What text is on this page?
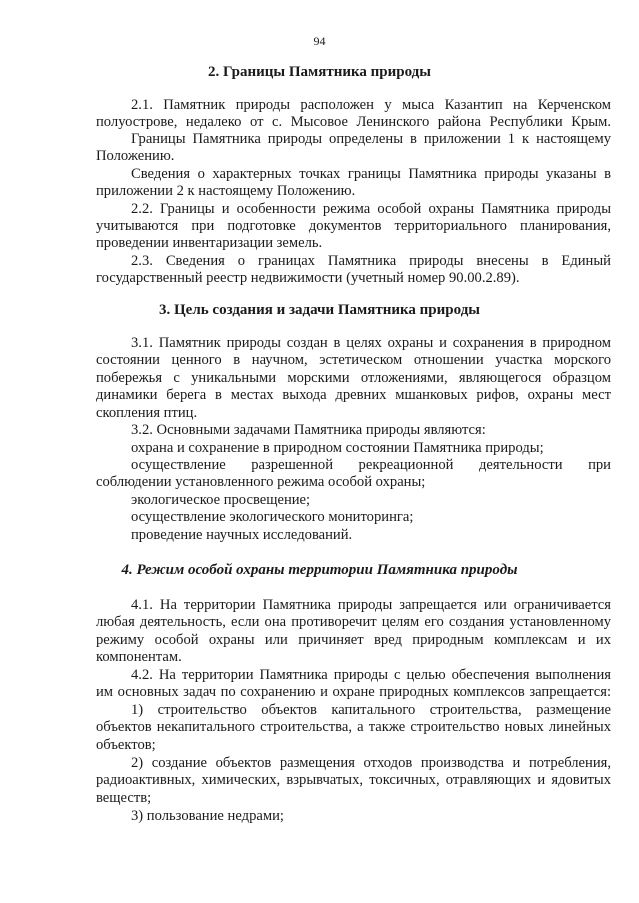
94
2. Границы Памятника природы
2.1. Памятник природы расположен у мыса Казантип на Керченском
полуострове, недалеко от с. Мысовое Ленинского района Республики Крым.
Границы Памятника природы определены в приложении 1 к настоящему
Положению.
Сведения о характерных точках границы Памятника природы указаны в
приложении 2 к настоящему Положению.
2.2. Границы и особенности режима особой охраны Памятника природы
учитываются при подготовке документов территориального планирования,
проведении инвентаризации земель.
2.3. Сведения о границах Памятника природы внесены в Единый
государственный реестр недвижимости (учетный номер 90.00.2.89).
3. Цель создания и задачи Памятника природы
3.1. Памятник природы создан в целях охраны и сохранения в природном
состоянии ценного в научном, эстетическом отношении участка морского
побережья с уникальными морскими отложениями, являющегося образцом
динамики берега в местах выхода древних мшанковых рифов, охраны мест
скопления птиц.
3.2. Основными задачами Памятника природы являются:
охрана и сохранение в природном состоянии Памятника природы;
осуществление разрешенной рекреационной деятельности при
соблюдении установленного режима особой охраны;
экологическое просвещение;
осуществление экологического мониторинга;
проведение научных исследований.
4. Режим особой охраны территории Памятника природы
4.1. На территории Памятника природы запрещается или ограничивается
любая деятельность, если она противоречит целям его создания установленному
режиму особой охраны или причиняет вред природным комплексам и их
компонентам.
4.2. На территории Памятника природы с целью обеспечения выполнения
им основных задач по сохранению и охране природных комплексов запрещается:
1) строительство объектов капитального строительства, размещение
объектов некапитального строительства, а также строительство новых линейных
объектов;
2) создание объектов размещения отходов производства и потребления,
радиоактивных, химических, взрывчатых, токсичных, отравляющих и ядовитых
веществ;
3) пользование недрами;
